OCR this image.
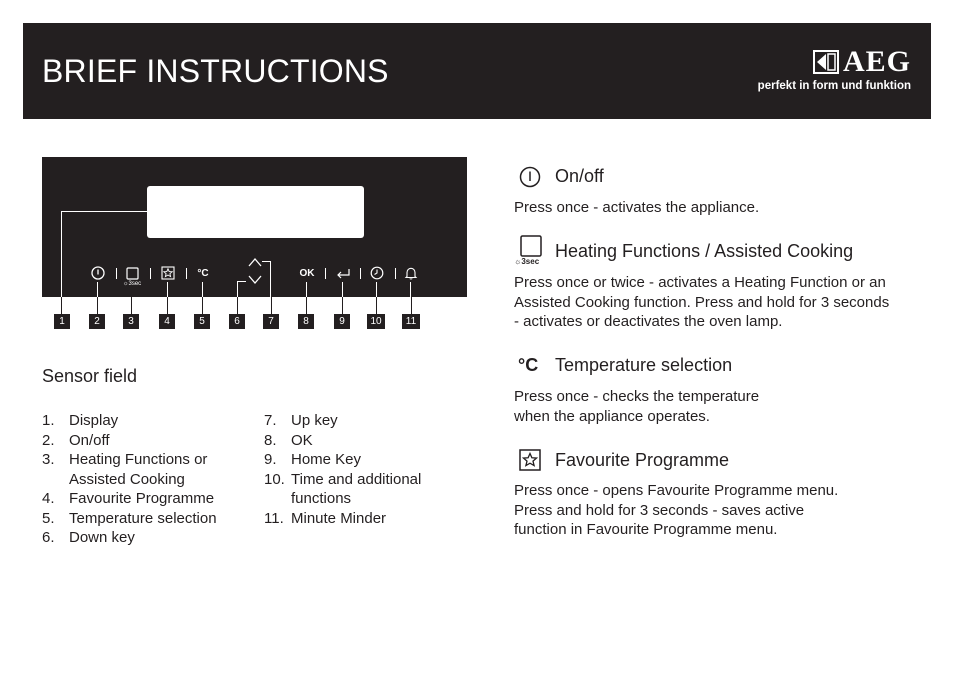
BRIEF INSTRUCTIONS	AEG
perfekt in form und funktion
☼3sec
°C	OK
1	2	3	4	5	6	7	8	9	10	11
Sensor field
1. Display
2. On/off
3. Heating Functions or Assisted Cooking
4. Favourite Programme
5. Temperature selection
6. Down key
7. Up key
8. OK
9. Home Key
10. Time and additional functions
11. Minute Minder
On/off
Press once - activates the appliance.
☼3sec
Heating Functions / Assisted Cooking
Press once or twice - activates a Heating Function or an Assisted Cooking function. Press and hold for 3 seconds - activates or deactivates the oven lamp.
°C Temperature selection
Press once - checks the temperature
when the appliance operates.
Favourite Programme
Press once - opens Favourite Programme menu.
Press and hold for 3 seconds - saves active
function in Favourite Programme menu.
